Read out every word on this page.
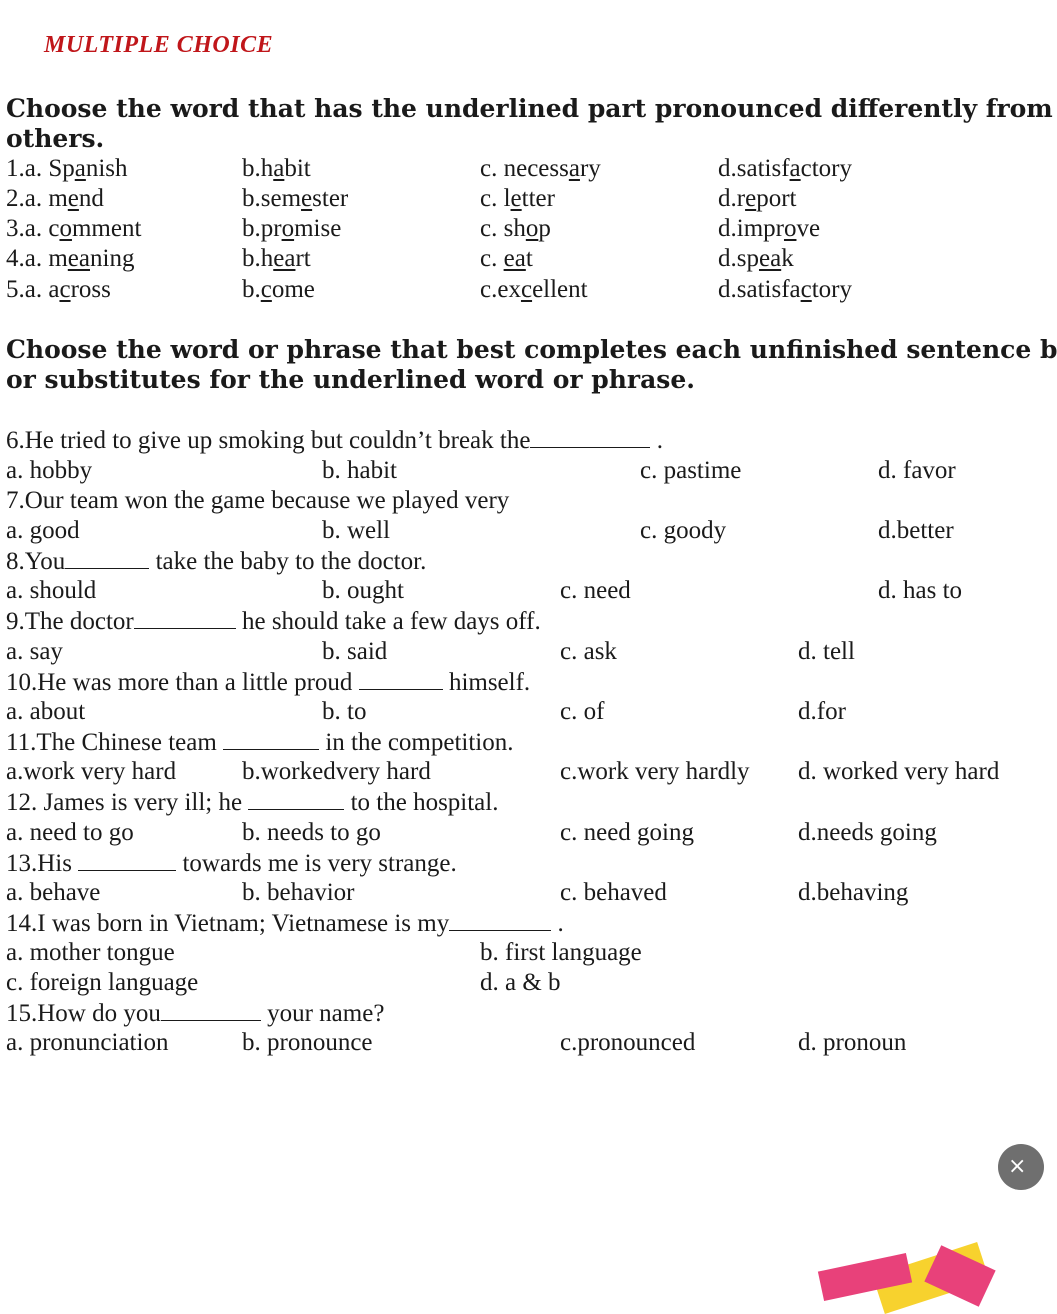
MULTIPLE CHOICE
Choose the word that has the underlined part pronounced differently from
others.
1.a. Spanish	b.habit	c. necessary	d.satisfactory
2.a. mend	b.semester	c. letter	d.report
3.a. comment	b.promise	c. shop	d.improve
4.a. meaning	b.heart	c. eat	d.speak
5.a. across	b.come	c.excellent	d.satisfactory
Choose the word or phrase that best completes each unfinished sentence b
or substitutes for the underlined word or phrase.
6.He tried to give up smoking but couldn’t break the	.
a. hobby	b. habit	c. pastime	d. favor
7.Our team won the game because we played very
a. good	b. well	c. goody	d.better
8.You	take the baby to the doctor.
a. should	b. ought	c. need	d. has to
9.The doctor	he should take a few days off.
a. say	b. said	c. ask	d. tell
10.He was more than a little proud	himself.
a. about	b. to	c. of	d.for
11.The Chinese team	in the competition.
a.work very hard	b.workedvery hard	c.work very hardly d. worked very hard
12. James is very ill; he	to the hospital.
a. need to go	b. needs to go	c. need going	d.needs going
13.His	towards me is very strange.
a. behave	b. behavior	c. behaved	d.behaving
14.I was born in Vietnam; Vietnamese is my	.
a. mother tongue	b. first language
c. foreign language	d. a & b
15.How do you	your name?
a. pronunciation	b. pronounce	c.pronounced	d. pronoun
×
